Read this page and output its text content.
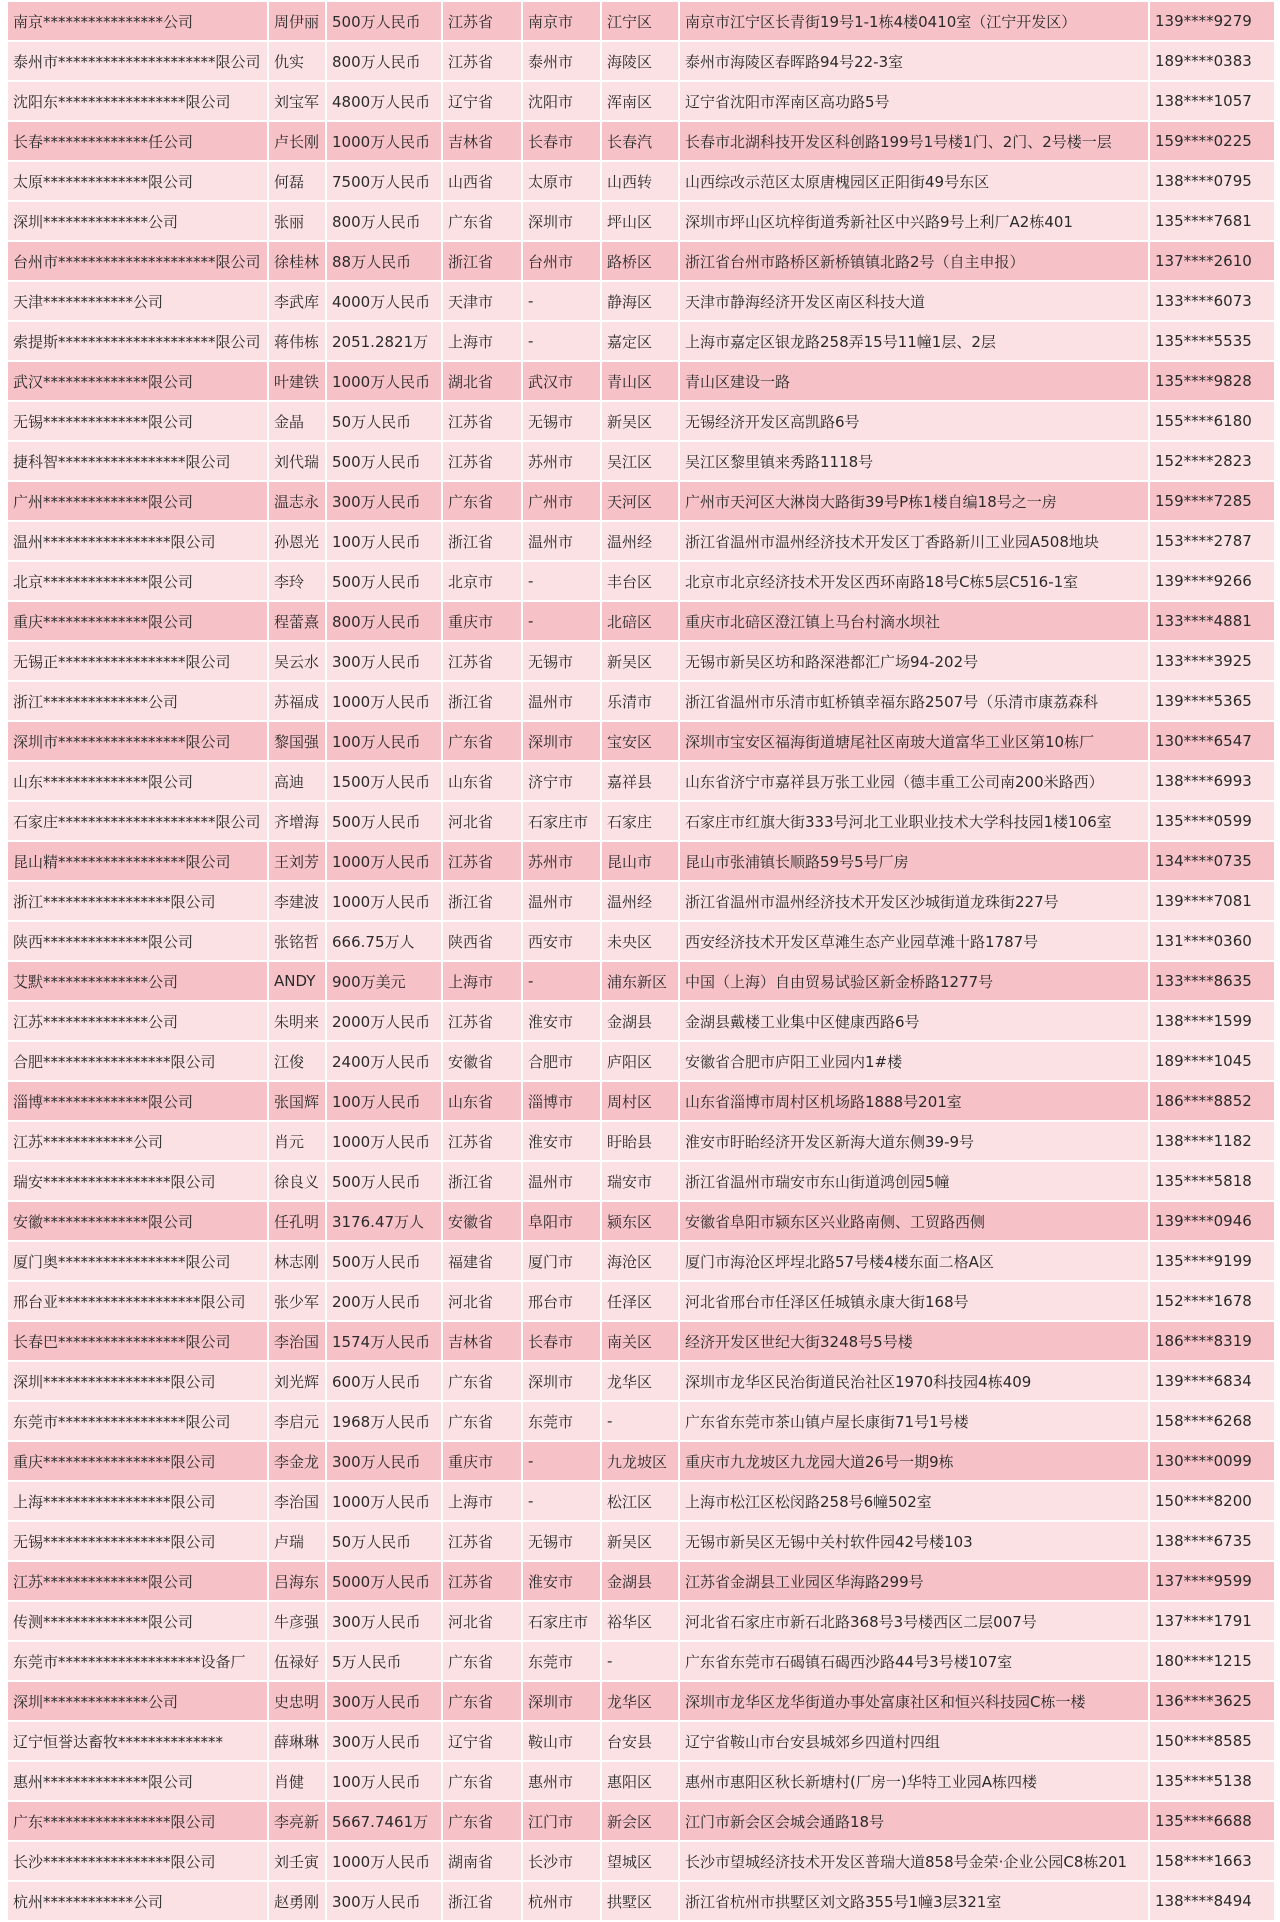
南京****************公司	周伊丽	500万人民币	江苏省	南京市	江宁区	南京市江宁区长青街19号1-1栋4楼0410室（江宁开发区）	139****9279
泰州市*********************限公司	仇实	800万人民币	江苏省	泰州市	海陵区	泰州市海陵区春晖路94号22-3室	189****0383
沈阳东*****************限公司	刘宝军	4800万人民币	辽宁省	沈阳市	浑南区	辽宁省沈阳市浑南区高功路5号	138****1057
长春**************任公司	卢长刚	1000万人民币	吉林省	长春市	长春汽	长春市北湖科技开发区科创路199号1号楼1门、2门、2号楼一层	159****0225
太原**************限公司	何磊	7500万人民币	山西省	太原市	山西转	山西综改示范区太原唐槐园区正阳街49号东区	138****0795
深圳**************公司	张丽	800万人民币	广东省	深圳市	坪山区	深圳市坪山区坑梓街道秀新社区中兴路9号上利厂A2栋401	135****7681
台州市*********************限公司	徐桂林	88万人民币	浙江省	台州市	路桥区	浙江省台州市路桥区新桥镇镇北路2号（自主申报）	137****2610
天津************公司	李武库	4000万人民币	天津市	-	静海区	天津市静海经济开发区南区科技大道	133****6073
索提斯*********************限公司	蒋伟栋	2051.2821万	上海市	-	嘉定区	上海市嘉定区银龙路258弄15号11幢1层、2层	135****5535
武汉**************限公司	叶建铁	1000万人民币	湖北省	武汉市	青山区	青山区建设一路	135****9828
无锡**************限公司	金晶	50万人民币	江苏省	无锡市	新吴区	无锡经济开发区高凯路6号	155****6180
捷科智*****************限公司	刘代瑞	500万人民币	江苏省	苏州市	吴江区	吴江区黎里镇来秀路1118号	152****2823
广州**************限公司	温志永	300万人民币	广东省	广州市	天河区	广州市天河区大淋岗大路街39号P栋1楼自编18号之一房	159****7285
温州*****************限公司	孙恩光	100万人民币	浙江省	温州市	温州经	浙江省温州市温州经济技术开发区丁香路新川工业园A508地块	153****2787
北京**************限公司	李玲	500万人民币	北京市	-	丰台区	北京市北京经济技术开发区西环南路18号C栋5层C516-1室	139****9266
重庆**************限公司	程蕾熹	800万人民币	重庆市	-	北碚区	重庆市北碚区澄江镇上马台村滴水坝社	133****4881
无锡正*****************限公司	吴云水	300万人民币	江苏省	无锡市	新吴区	无锡市新吴区坊和路深港都汇广场94-202号	133****3925
浙江**************公司	苏福成	1000万人民币	浙江省	温州市	乐清市	浙江省温州市乐清市虹桥镇幸福东路2507号（乐清市康荔森科	139****5365
深圳市*****************限公司	黎国强	100万人民币	广东省	深圳市	宝安区	深圳市宝安区福海街道塘尾社区南玻大道富华工业区第10栋厂	130****6547
山东**************限公司	高迪	1500万人民币	山东省	济宁市	嘉祥县	山东省济宁市嘉祥县万张工业园（德丰重工公司南200米路西）	138****6993
石家庄*********************限公司	齐增海	500万人民币	河北省	石家庄市	石家庄	石家庄市红旗大街333号河北工业职业技术大学科技园1楼106室	135****0599
昆山精*****************限公司	王刘芳	1000万人民币	江苏省	苏州市	昆山市	昆山市张浦镇长顺路59号5号厂房	134****0735
浙江*****************限公司	李建波	1000万人民币	浙江省	温州市	温州经	浙江省温州市温州经济技术开发区沙城街道龙珠街227号	139****7081
陕西**************限公司	张铭哲	666.75万人	陕西省	西安市	未央区	西安经济技术开发区草滩生态产业园草滩十路1787号	131****0360
艾默**************公司	ANDY	900万美元	上海市	-	浦东新区	中国（上海）自由贸易试验区新金桥路1277号	133****8635
江苏**************公司	朱明来	2000万人民币	江苏省	淮安市	金湖县	金湖县戴楼工业集中区健康西路6号	138****1599
合肥*****************限公司	江俊	2400万人民币	安徽省	合肥市	庐阳区	安徽省合肥市庐阳工业园内1#楼	189****1045
淄博**************限公司	张国辉	100万人民币	山东省	淄博市	周村区	山东省淄博市周村区机场路1888号201室	186****8852
江苏************公司	肖元	1000万人民币	江苏省	淮安市	盱眙县	淮安市盱眙经济开发区新海大道东侧39-9号	138****1182
瑞安*****************限公司	徐良义	500万人民币	浙江省	温州市	瑞安市	浙江省温州市瑞安市东山街道鸿创园5幢	135****5818
安徽**************限公司	任孔明	3176.47万人	安徽省	阜阳市	颍东区	安徽省阜阳市颍东区兴业路南侧、工贸路西侧	139****0946
厦门奥*****************限公司	林志刚	500万人民币	福建省	厦门市	海沧区	厦门市海沧区坪埕北路57号楼4楼东面二格A区	135****9199
邢台亚*******************限公司	张少军	200万人民币	河北省	邢台市	任泽区	河北省邢台市任泽区任城镇永康大街168号	152****1678
长春巴*****************限公司	李治国	1574万人民币	吉林省	长春市	南关区	经济开发区世纪大街3248号5号楼	186****8319
深圳*****************限公司	刘光辉	600万人民币	广东省	深圳市	龙华区	深圳市龙华区民治街道民治社区1970科技园4栋409	139****6834
东莞市*****************限公司	李启元	1968万人民币	广东省	东莞市	-	广东省东莞市茶山镇卢屋长康街71号1号楼	158****6268
重庆*****************限公司	李金龙	300万人民币	重庆市	-	九龙坡区	重庆市九龙坡区九龙园大道26号一期9栋	130****0099
上海*****************限公司	李治国	1000万人民币	上海市	-	松江区	上海市松江区松闵路258号6幢502室	150****8200
无锡*****************限公司	卢瑞	50万人民币	江苏省	无锡市	新吴区	无锡市新吴区无锡中关村软件园42号楼103	138****6735
江苏**************限公司	吕海东	5000万人民币	江苏省	淮安市	金湖县	江苏省金湖县工业园区华海路299号	137****9599
传测**************限公司	牛彦强	300万人民币	河北省	石家庄市	裕华区	河北省石家庄市新石北路368号3号楼西区二层007号	137****1791
东莞市*******************设备厂	伍禄好	5万人民币	广东省	东莞市	-	广东省东莞市石碣镇石碣西沙路44号3号楼107室	180****1215
深圳**************公司	史忠明	300万人民币	广东省	深圳市	龙华区	深圳市龙华区龙华街道办事处富康社区和恒兴科技园C栋一楼	136****3625
辽宁恒誉达畜牧**************	薛琳琳	300万人民币	辽宁省	鞍山市	台安县	辽宁省鞍山市台安县城郊乡四道村四组	150****8585
惠州**************限公司	肖健	100万人民币	广东省	惠州市	惠阳区	惠州市惠阳区秋长新塘村(厂房一)华特工业园A栋四楼	135****5138
广东*****************限公司	李亮新	5667.7461万	广东省	江门市	新会区	江门市新会区会城会通路18号	135****6688
长沙*****************限公司	刘壬寅	1000万人民币	湖南省	长沙市	望城区	长沙市望城经济技术开发区普瑞大道858号金荣·企业公园C8栋201	158****1663
杭州************公司	赵勇刚	300万人民币	浙江省	杭州市	拱墅区	浙江省杭州市拱墅区刘文路355号1幢3层321室	138****8494
